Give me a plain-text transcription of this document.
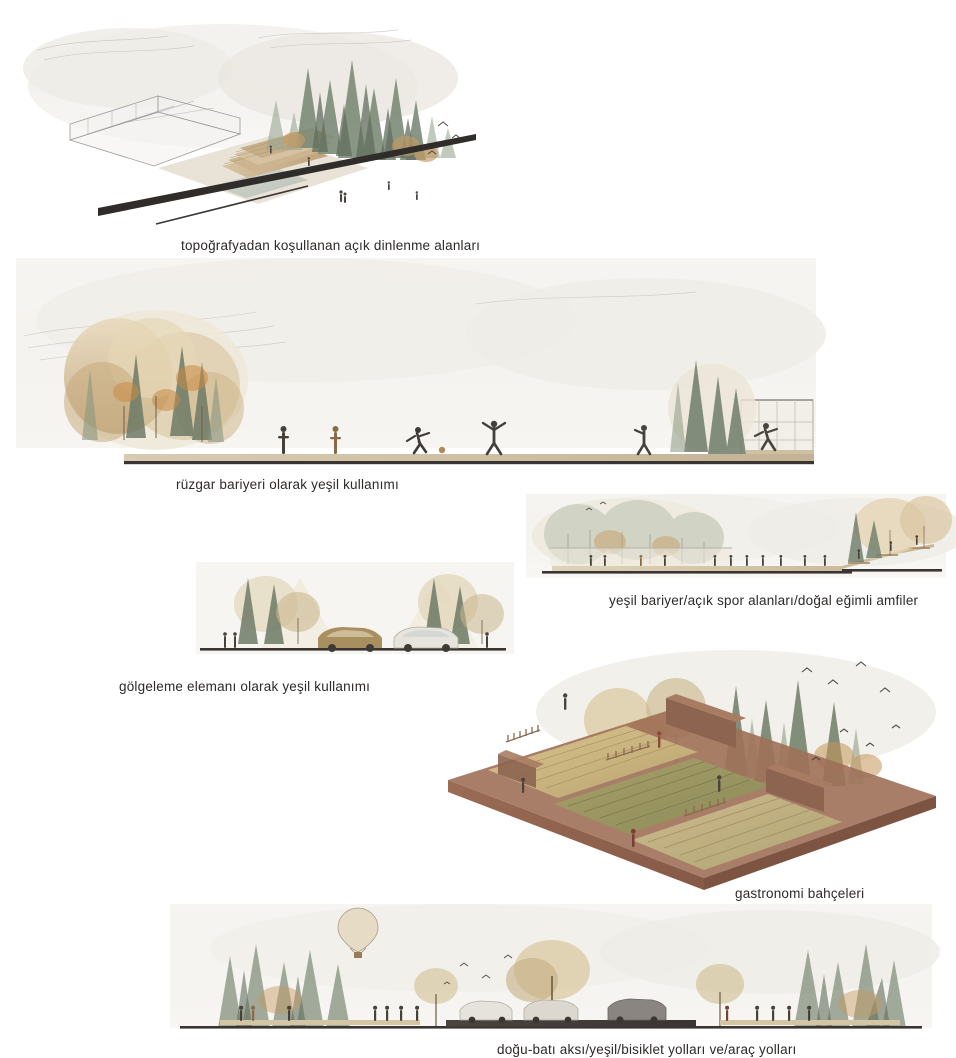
topoğrafyadan koşullanan açık dinlenme alanları
rüzgar bariyeri olarak yeşil kullanımı
yeşil bariyer/açık spor alanları/doğal eğimli amfiler
gölgeleme elemanı olarak yeşil kullanımı
gastronomi bahçeleri
doğu-batı aksı/yeşil/bisiklet yolları ve/araç yolları
